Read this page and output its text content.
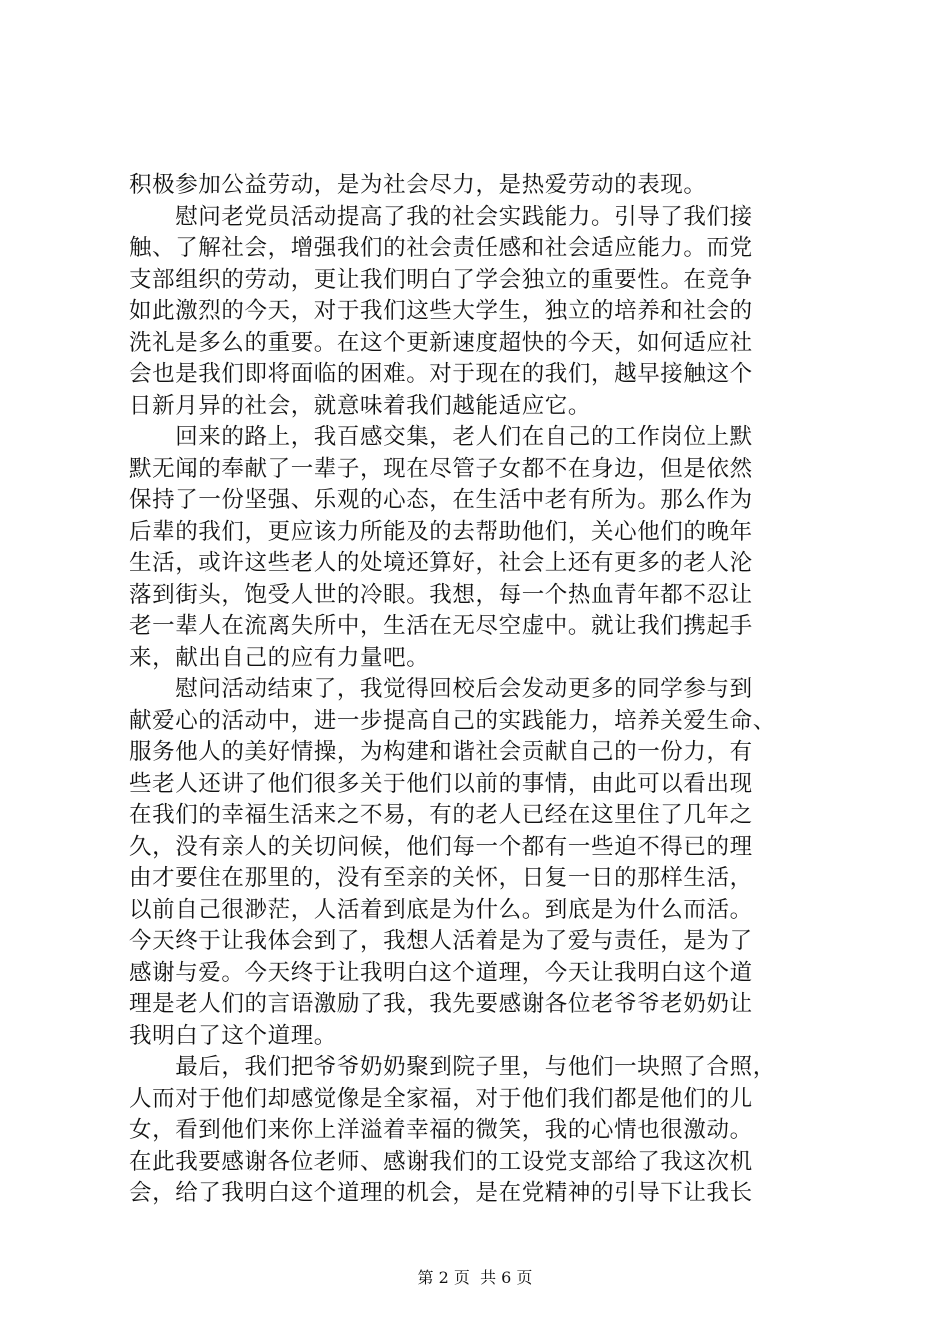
积极参加公益劳动，是为社会尽力，是热爱劳动的表现。
　　慰问老党员活动提高了我的社会实践能力。引导了我们接
触、了解社会，增强我们的社会责任感和社会适应能力。而党
支部组织的劳动，更让我们明白了学会独立的重要性。在竞争
如此激烈的今天，对于我们这些大学生，独立的培养和社会的
洗礼是多么的重要。在这个更新速度超快的今天，如何适应社
会也是我们即将面临的困难。对于现在的我们，越早接触这个
日新月异的社会，就意味着我们越能适应它。
　　回来的路上，我百感交集，老人们在自己的工作岗位上默
默无闻的奉献了一辈子，现在尽管子女都不在身边，但是依然
保持了一份坚强、乐观的心态，在生活中老有所为。那么作为
后辈的我们，更应该力所能及的去帮助他们，关心他们的晚年
生活，或许这些老人的处境还算好，社会上还有更多的老人沦
落到街头，饱受人世的冷眼。我想，每一个热血青年都不忍让
老一辈人在流离失所中，生活在无尽空虚中。就让我们携起手
来，献出自己的应有力量吧。
　　慰问活动结束了，我觉得回校后会发动更多的同学参与到
献爱心的活动中，进一步提高自己的实践能力，培养关爱生命、
服务他人的美好情操，为构建和谐社会贡献自己的一份力，有
些老人还讲了他们很多关于他们以前的事情，由此可以看出现
在我们的幸福生活来之不易，有的老人已经在这里住了几年之
久，没有亲人的关切问候，他们每一个都有一些迫不得已的理
由才要住在那里的，没有至亲的关怀，日复一日的那样生活，
以前自己很渺茫，人活着到底是为什么。到底是为什么而活。
今天终于让我体会到了，我想人活着是为了爱与责任，是为了
感谢与爱。今天终于让我明白这个道理，今天让我明白这个道
理是老人们的言语激励了我，我先要感谢各位老爷爷老奶奶让
我明白了这个道理。
　　最后，我们把爷爷奶奶聚到院子里，与他们一块照了合照，
人而对于他们却感觉像是全家福，对于他们我们都是他们的儿
女，看到他们来你上洋溢着幸福的微笑，我的心情也很激动。
在此我要感谢各位老师、感谢我们的工设党支部给了我这次机
会，给了我明白这个道理的机会，是在党精神的引导下让我长
第 2 页  共 6 页
